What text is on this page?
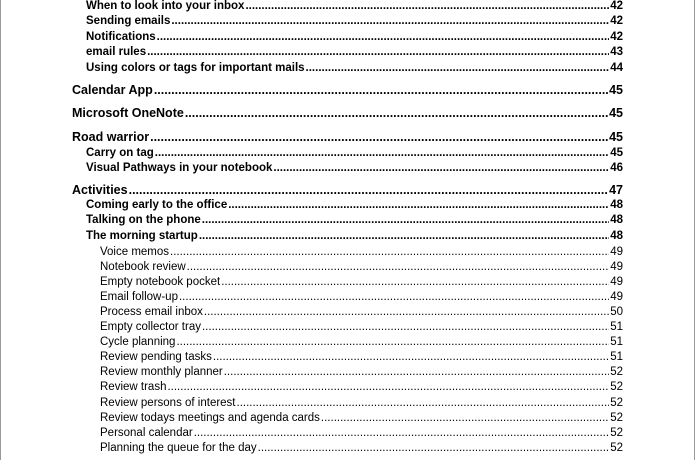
When to look into your inbox .....	42
Sending emails .....	42
Notifications .....	42
email rules .....	43
Using colors or tags for important mails .....	44
Calendar App .....	45
Microsoft OneNote .....	45
Road warrior .....	45
Carry on tag .....	45
Visual Pathways in your notebook .....	46
Activities .....	47
Coming early to the office .....	48
Talking on the phone .....	48
The morning startup .....	48
Voice memos .....	49
Notebook review .....	49
Empty notebook pocket .....	49
Email follow-up .....	49
Process email inbox .....	50
Empty collector tray .....	51
Cycle planning .....	51
Review pending tasks .....	51
Review monthly planner .....	52
Review trash .....	52
Review persons of interest .....	52
Review todays meetings and agenda cards .....	52
Personal calendar .....	52
Planning the queue for the day .....	52
